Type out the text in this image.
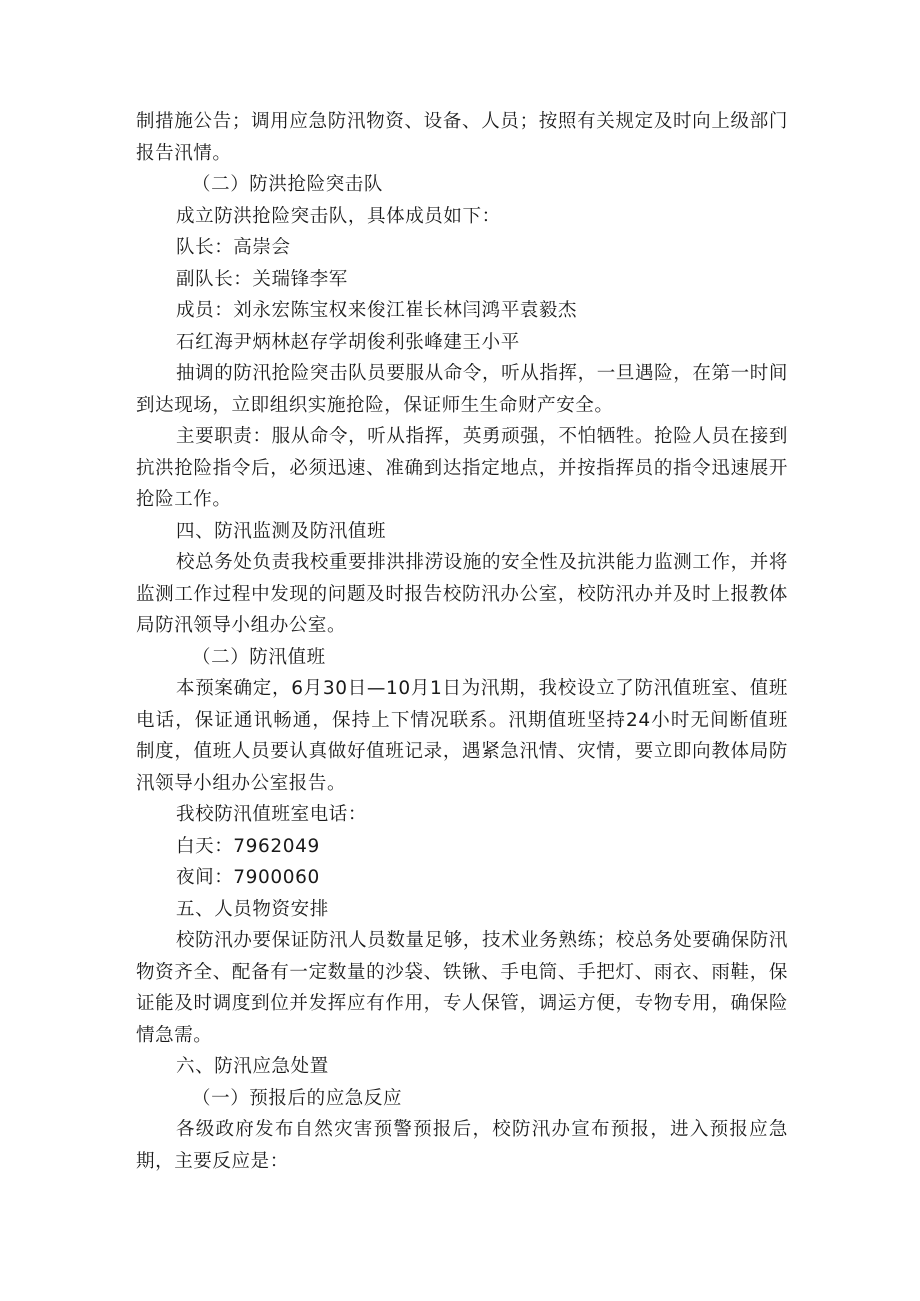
制措施公告；调用应急防汛物资、设备、人员；按照有关规定及时向上级部门报告汛情。

（二）防洪抢险突击队

成立防洪抢险突击队，具体成员如下：

队长：高崇会

副队长：关瑞锋李军

成员：刘永宏陈宝权来俊江崔长林闫鸿平袁毅杰

石红海尹炳林赵存学胡俊利张峰建王小平

抽调的防汛抢险突击队员要服从命令，听从指挥，一旦遇险，在第一时间到达现场，立即组织实施抢险，保证师生生命财产安全。

主要职责：服从命令，听从指挥，英勇顽强，不怕牺牲。抢险人员在接到抗洪抢险指令后，必须迅速、准确到达指定地点，并按指挥员的指令迅速展开抢险工作。

四、防汛监测及防汛值班

校总务处负责我校重要排洪排涝设施的安全性及抗洪能力监测工作，并将监测工作过程中发现的问题及时报告校防汛办公室，校防汛办并及时上报教体局防汛领导小组办公室。

（二）防汛值班

本预案确定，6月30日—10月1日为汛期，我校设立了防汛值班室、值班电话，保证通讯畅通，保持上下情况联系。汛期值班坚持24小时无间断值班制度，值班人员要认真做好值班记录，遇紧急汛情、灾情，要立即向教体局防汛领导小组办公室报告。

我校防汛值班室电话：

白天：7962049

夜间：7900060

五、人员物资安排

校防汛办要保证防汛人员数量足够，技术业务熟练；校总务处要确保防汛物资齐全、配备有一定数量的沙袋、铁锹、手电筒、手把灯、雨衣、雨鞋，保证能及时调度到位并发挥应有作用，专人保管，调运方便，专物专用，确保险情急需。

六、防汛应急处置

（一）预报后的应急反应

各级政府发布自然灾害预警预报后，校防汛办宣布预报，进入预报应急期，主要反应是：
